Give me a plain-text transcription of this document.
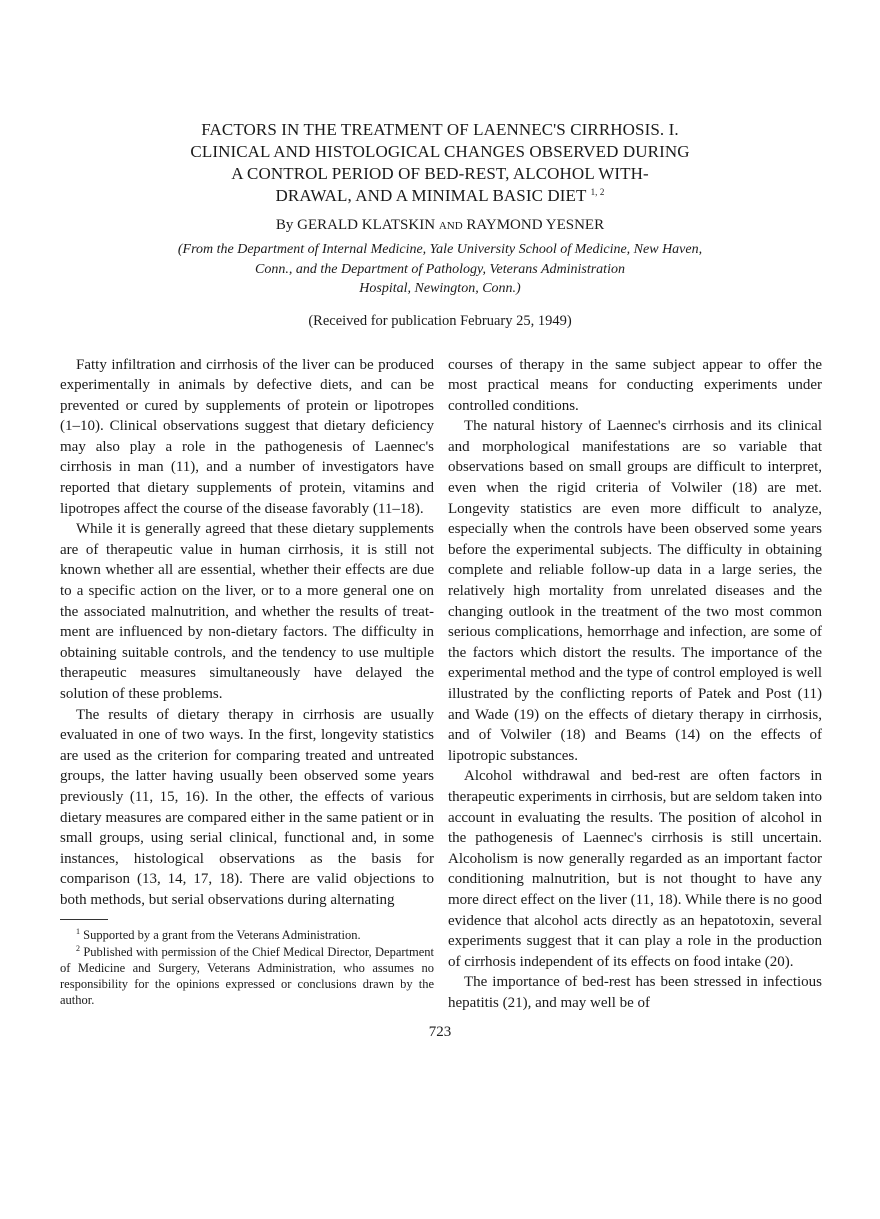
FACTORS IN THE TREATMENT OF LAENNEC'S CIRRHOSIS. I.
CLINICAL AND HISTOLOGICAL CHANGES OBSERVED DURING
A CONTROL PERIOD OF BED-REST, ALCOHOL WITH-
DRAWAL, AND A MINIMAL BASIC DIET $^{1, 2}$
By GERALD KLATSKIN AND RAYMOND YESNER
(From the Department of Internal Medicine, Yale University School of Medicine, New Haven,
Conn., and the Department of Pathology, Veterans Administration
Hospital, Newington, Conn.)
(Received for publication February 25, 1949)

Fatty infiltration and cirrhosis of the liver can be produced experimentally in animals by defective diets, and can be prevented or cured by supplements of protein or lipotropes (1–10). Clinical observations suggest that dietary deficiency may also play a role in the pathogenesis of Laennec's cirrhosis in man (11), and a number of investigators have reported that dietary supplements of protein, vitamins and lipotropes affect the course of the disease favorably (11–18).

While it is generally agreed that these dietary supplements are of therapeutic value in human cirrhosis, it is still not known whether all are essential, whether their effects are due to a specific action on the liver, or to a more general one on the associated malnutrition, and whether the results of treatment are influenced by non-dietary factors. The difficulty in obtaining suitable controls, and the tendency to use multiple therapeutic measures simultaneously have delayed the solution of these problems.

The results of dietary therapy in cirrhosis are usually evaluated in one of two ways. In the first, longevity statistics are used as the criterion for comparing treated and untreated groups, the latter having usually been observed some years previously (11, 15, 16). In the other, the effects of various dietary measures are compared either in the same patient or in small groups, using serial clinical, functional and, in some instances, histological observations as the basis for comparison (13, 14, 17, 18). There are valid objections to both methods, but serial observations during alternating

$^1$ Supported by a grant from the Veterans Administration.

$^2$ Published with permission of the Chief Medical Director, Department of Medicine and Surgery, Veterans Administration, who assumes no responsibility for the opinions expressed or conclusions drawn by the author.

courses of therapy in the same subject appear to offer the most practical means for conducting experiments under controlled conditions.

The natural history of Laennec's cirrhosis and its clinical and morphological manifestations are so variable that observations based on small groups are difficult to interpret, even when the rigid criteria of Volwiler (18) are met. Longevity statistics are even more difficult to analyze, especially when the controls have been observed some years before the experimental subjects. The difficulty in obtaining complete and reliable follow-up data in a large series, the relatively high mortality from unrelated diseases and the changing outlook in the treatment of the two most common serious complications, hemorrhage and infection, are some of the factors which distort the results. The importance of the experimental method and the type of control employed is well illustrated by the conflicting reports of Patek and Post (11) and Wade (19) on the effects of dietary therapy in cirrhosis, and of Volwiler (18) and Beams (14) on the effects of lipotropic substances.

Alcohol withdrawal and bed-rest are often factors in therapeutic experiments in cirrhosis, but are seldom taken into account in evaluating the results. The position of alcohol in the pathogenesis of Laennec's cirrhosis is still uncertain. Alcoholism is now generally regarded as an important factor conditioning malnutrition, but is not thought to have any more direct effect on the liver (11, 18). While there is no good evidence that alcohol acts directly as an hepatotoxin, several experiments suggest that it can play a role in the production of cirrhosis independent of its effects on food intake (20).

The importance of bed-rest has been stressed in infectious hepatitis (21), and may well be of

723
